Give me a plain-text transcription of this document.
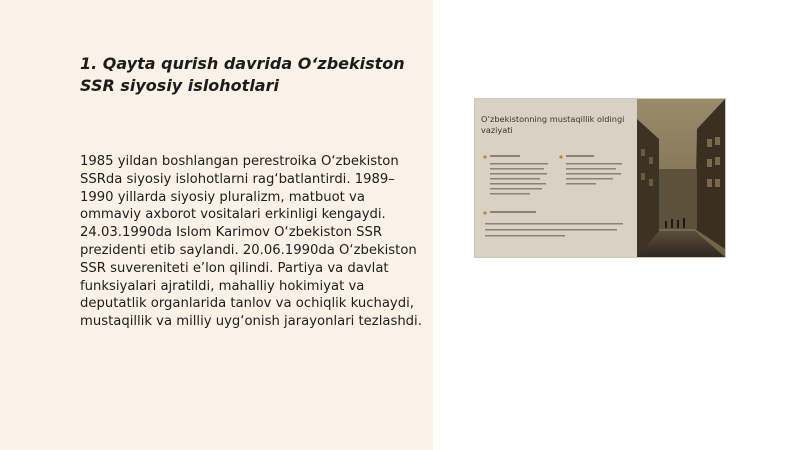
1. Qayta qurish davrida O‘zbekiston SSR siyosiy islohotlari

1985 yildan boshlangan perestroika O‘zbekiston SSRda siyosiy islohotlarni rag‘batlantirdi. 1989–1990 yillarda siyosiy pluralizm, matbuot va ommaviy axborot vositalari erkinligi kengaydi. 24.03.1990da Islom Karimov O‘zbekiston SSR prezidenti etib saylandi. 20.06.1990da O‘zbekiston SSR suvereniteti e’lon qilindi. Partiya va davlat funksiyalari ajratildi, mahalliy hokimiyat va deputatlik organlarida tanlov va ochiqlik kuchaydi, mustaqillik va milliy uyg‘onish jarayonlari tezlashdi.

O‘zbekistonning mustaqillik oldingi vaziyati
